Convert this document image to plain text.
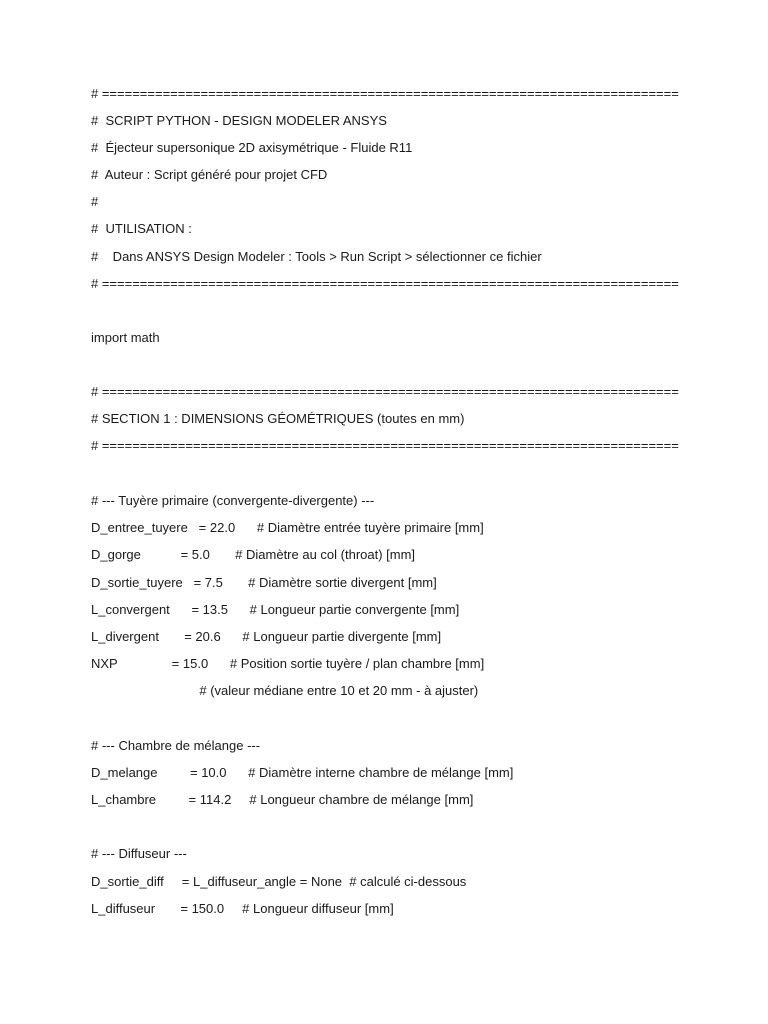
# ============================================================================
#  SCRIPT PYTHON - DESIGN MODELER ANSYS
#  Éjecteur supersonique 2D axisymétrique - Fluide R11
#  Auteur : Script généré pour projet CFD
#
#  UTILISATION :
#    Dans ANSYS Design Modeler : Tools > Run Script > sélectionner ce fichier
# ============================================================================
import math
# ============================================================================
# SECTION 1 : DIMENSIONS GÉOMÉTRIQUES (toutes en mm)
# ============================================================================
# --- Tuyère primaire (convergente-divergente) ---
D_entree_tuyere   = 22.0      # Diamètre entrée tuyère primaire [mm]
D_gorge           = 5.0       # Diamètre au col (throat) [mm]
D_sortie_tuyere   = 7.5       # Diamètre sortie divergent [mm]
L_convergent      = 13.5      # Longueur partie convergente [mm]
L_divergent       = 20.6      # Longueur partie divergente [mm]
NXP               = 15.0      # Position sortie tuyère / plan chambre [mm]
# (valeur médiane entre 10 et 20 mm - à ajuster)
# --- Chambre de mélange ---
D_melange         = 10.0      # Diamètre interne chambre de mélange [mm]
L_chambre         = 114.2     # Longueur chambre de mélange [mm]
# --- Diffuseur ---
D_sortie_diff     = L_diffuseur_angle = None  # calculé ci-dessous
L_diffuseur       = 150.0     # Longueur diffuseur [mm]
